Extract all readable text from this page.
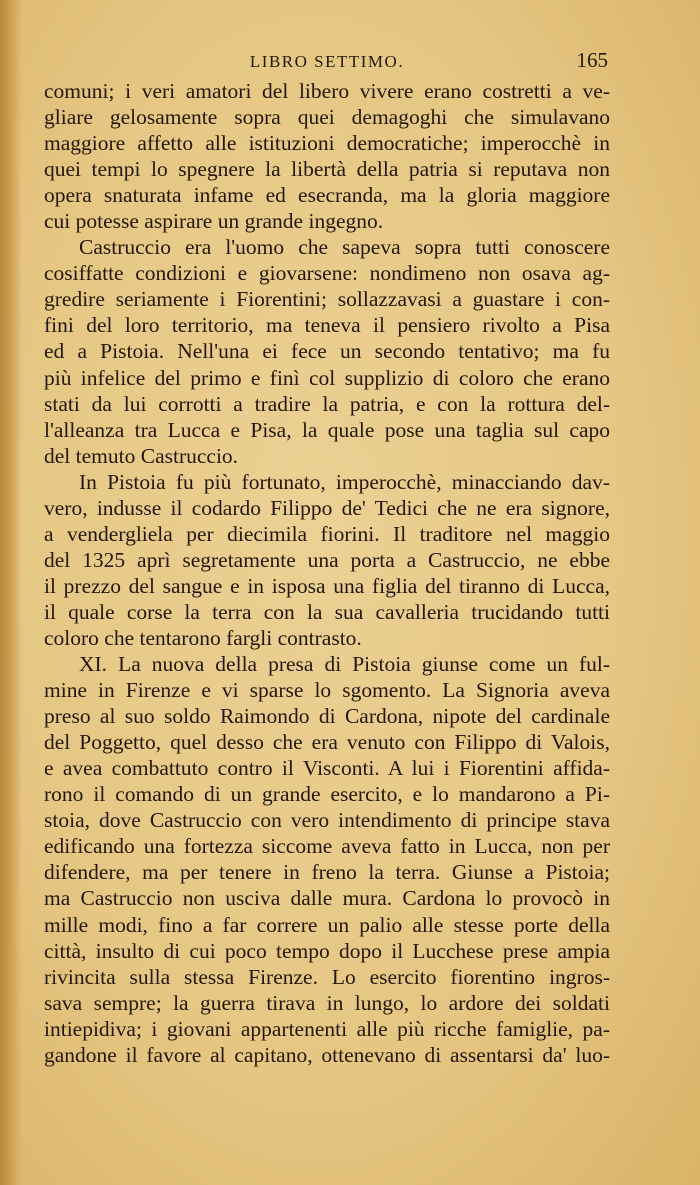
LIBRO SETTIMO.	165
comuni; i veri amatori del libero vivere erano costretti a ve-
gliare gelosamente sopra quei demagoghi che simulavano
maggiore affetto alle istituzioni democratiche; imperocchè in
quei tempi lo spegnere la libertà della patria si reputava non
opera snaturata infame ed esecranda, ma la gloria maggiore
cui potesse aspirare un grande ingegno.
Castruccio era l'uomo che sapeva sopra tutti conoscere
cosiffatte condizioni e giovarsene: nondimeno non osava ag-
gredire seriamente i Fiorentini; sollazzavasi a guastare i con-
fini del loro territorio, ma teneva il pensiero rivolto a Pisa
ed a Pistoia. Nell'una ei fece un secondo tentativo; ma fu
più infelice del primo e finì col supplizio di coloro che erano
stati da lui corrotti a tradire la patria, e con la rottura del-
l'alleanza tra Lucca e Pisa, la quale pose una taglia sul capo
del temuto Castruccio.
In Pistoia fu più fortunato, imperocchè, minacciando dav-
vero, indusse il codardo Filippo de' Tedici che ne era signore,
a vendergliela per diecimila fiorini. Il traditore nel maggio
del 1325 aprì segretamente una porta a Castruccio, ne ebbe
il prezzo del sangue e in isposa una figlia del tiranno di Lucca,
il quale corse la terra con la sua cavalleria trucidando tutti
coloro che tentarono fargli contrasto.
XI. La nuova della presa di Pistoia giunse come un ful-
mine in Firenze e vi sparse lo sgomento. La Signoria aveva
preso al suo soldo Raimondo di Cardona, nipote del cardinale
del Poggetto, quel desso che era venuto con Filippo di Valois,
e avea combattuto contro il Visconti. A lui i Fiorentini affida-
rono il comando di un grande esercito, e lo mandarono a Pi-
stoia, dove Castruccio con vero intendimento di principe stava
edificando una fortezza siccome aveva fatto in Lucca, non per
difendere, ma per tenere in freno la terra. Giunse a Pistoia;
ma Castruccio non usciva dalle mura. Cardona lo provocò in
mille modi, fino a far correre un palio alle stesse porte della
città, insulto di cui poco tempo dopo il Lucchese prese ampia
rivincita sulla stessa Firenze. Lo esercito fiorentino ingros-
sava sempre; la guerra tirava in lungo, lo ardore dei soldati
intiepidiva; i giovani appartenenti alle più ricche famiglie, pa-
gandone il favore al capitano, ottenevano di assentarsi da' luo-
